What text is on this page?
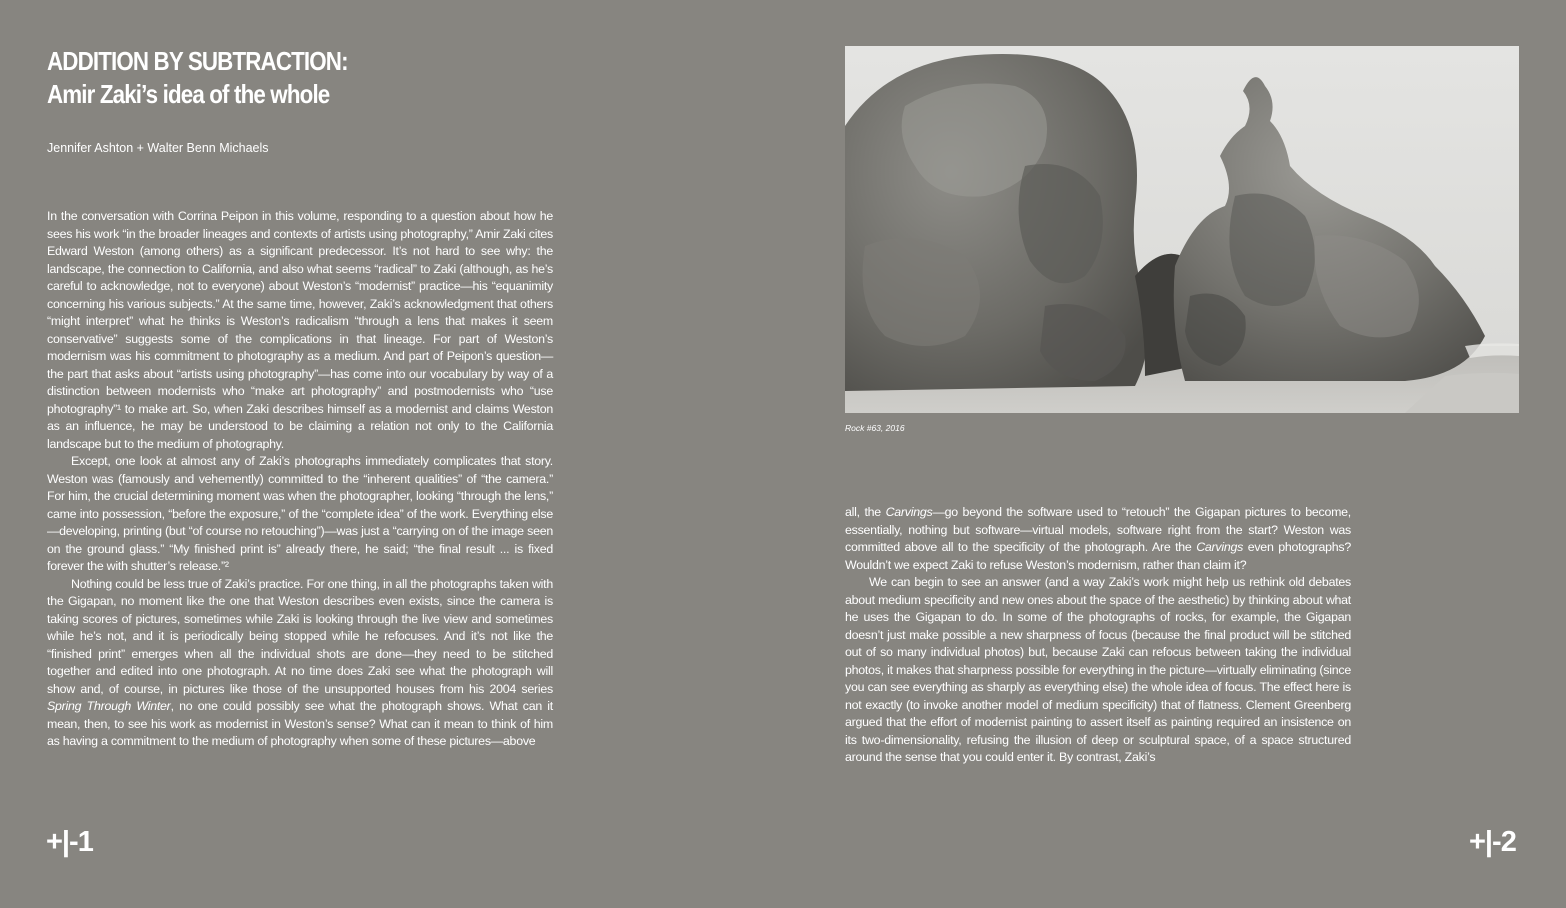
ADDITION BY SUBTRACTION:
Amir Zaki’s idea of the whole
Jennifer Ashton + Walter Benn Michaels

In the conversation with Corrina Peipon in this volume, responding to a question about how he sees his work “in the broader lineages and contexts of artists using photography,” Amir Zaki cites Edward Weston (among others) as a significant predecessor. It’s not hard to see why: the landscape, the connection to California, and also what seems “radical” to Zaki (although, as he’s careful to acknowledge, not to everyone) about Weston’s “modernist” practice—his “equanimity concerning his various subjects.” At the same time, however, Zaki’s acknowledgment that others “might interpret” what he thinks is Weston’s radicalism “through a lens that makes it seem conservative” suggests some of the complications in that lineage. For part of Weston’s modernism was his commitment to photography as a medium. And part of Peipon’s question—the part that asks about “artists using photography”—has come into our vocabulary by way of a distinction between modernists who “make art photography” and postmodernists who “use photography”¹ to make art. So, when Zaki describes himself as a modernist and claims Weston as an influence, he may be understood to be claiming a relation not only to the California landscape but to the medium of photography.

Except, one look at almost any of Zaki’s photographs immediately complicates that story. Weston was (famously and vehemently) committed to the “inherent qualities” of “the camera.” For him, the crucial determining moment was when the photographer, looking “through the lens,” came into possession, “before the exposure,” of the “complete idea” of the work. Everything else—developing, printing (but “of course no retouching”)—was just a “carrying on of the image seen on the ground glass.” “My finished print is” already there, he said; “the final result ... is fixed forever the with shutter’s release.”²

Nothing could be less true of Zaki’s practice. For one thing, in all the photographs taken with the Gigapan, no moment like the one that Weston describes even exists, since the camera is taking scores of pictures, sometimes while Zaki is looking through the live view and sometimes while he’s not, and it is periodically being stopped while he refocuses. And it’s not like the “finished print” emerges when all the individual shots are done—they need to be stitched together and edited into one photograph. At no time does Zaki see what the photograph will show and, of course, in pictures like those of the unsupported houses from his 2004 series Spring Through Winter, no one could possibly see what the photograph shows. What can it mean, then, to see his work as modernist in Weston’s sense? What can it mean to think of him as having a commitment to the medium of photography when some of these pictures—above

Rock #63, 2016

all, the Carvings—go beyond the software used to “retouch” the Gigapan pictures to become, essentially, nothing but software—virtual models, software right from the start? Weston was committed above all to the specificity of the photograph. Are the Carvings even photographs? Wouldn’t we expect Zaki to refuse Weston’s modernism, rather than claim it?

We can begin to see an answer (and a way Zaki’s work might help us rethink old debates about medium specificity and new ones about the space of the aesthetic) by thinking about what he uses the Gigapan to do. In some of the photographs of rocks, for example, the Gigapan doesn’t just make possible a new sharpness of focus (because the final product will be stitched out of so many individual photos) but, because Zaki can refocus between taking the individual photos, it makes that sharpness possible for everything in the picture—virtually eliminating (since you can see everything as sharply as everything else) the whole idea of focus. The effect here is not exactly (to invoke another model of medium specificity) that of flatness. Clement Greenberg argued that the effort of modernist painting to assert itself as painting required an insistence on its two-dimensionality, refusing the illusion of deep or sculptural space, of a space structured around the sense that you could enter it. By contrast, Zaki’s

+|-1	+|-2
